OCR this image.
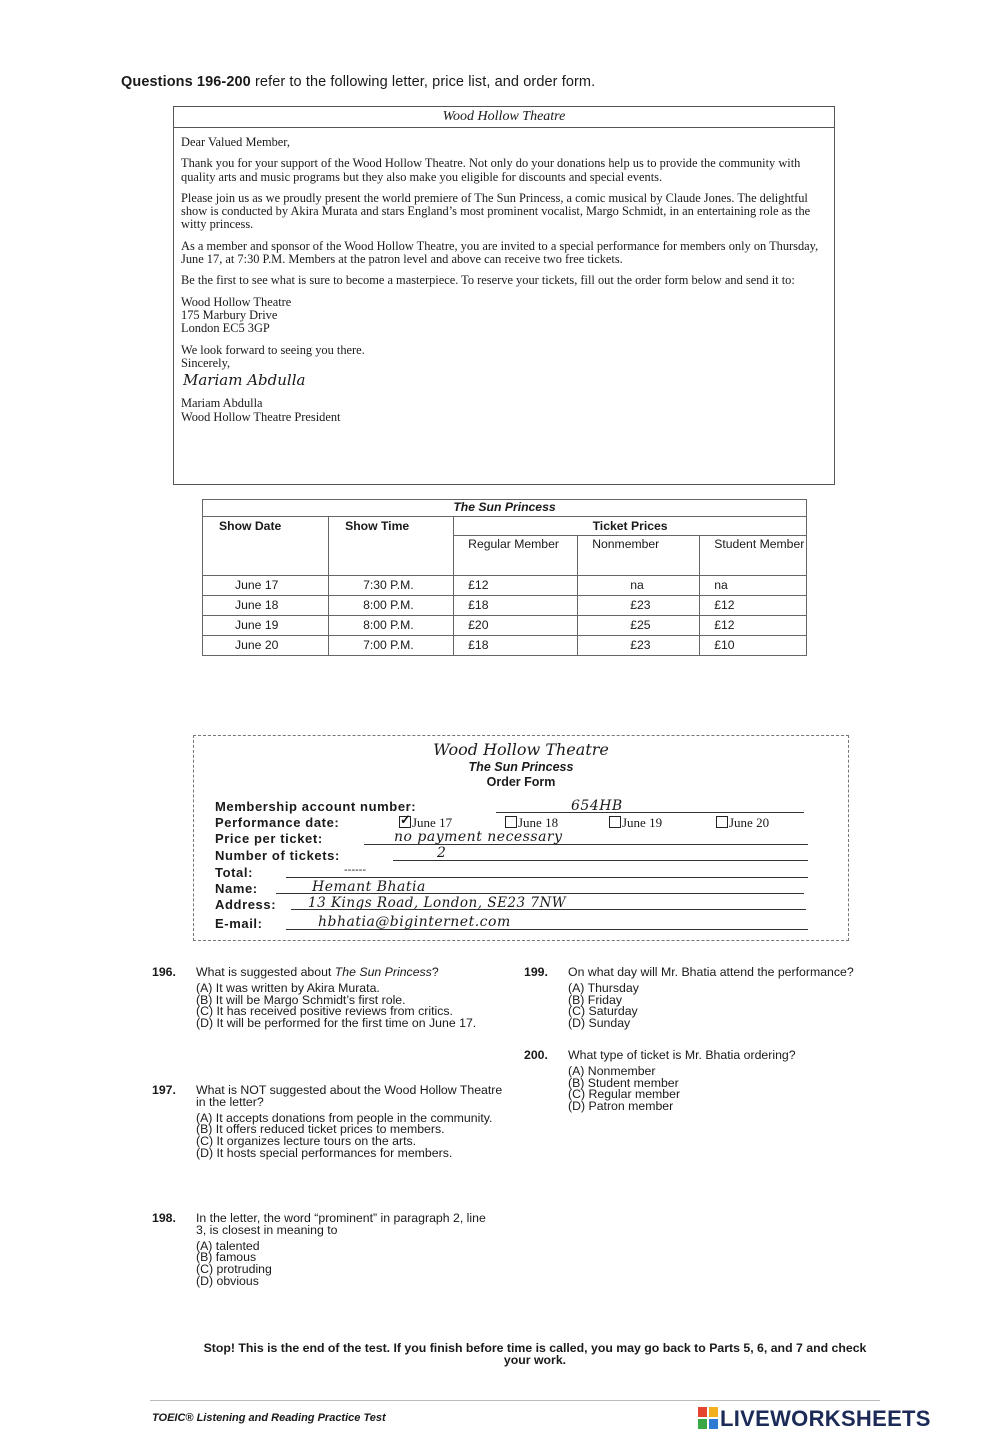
Questions 196-200 refer to the following letter, price list, and order form.
Wood Hollow Theatre

Dear Valued Member,

Thank you for your support of the Wood Hollow Theatre. Not only do your donations help us to provide the community with quality arts and music programs but they also make you eligible for discounts and special events.

Please join us as we proudly present the world premiere of The Sun Princess, a comic musical by Claude Jones. The delightful show is conducted by Akira Murata and stars England’s most prominent vocalist, Margo Schmidt, in an entertaining role as the witty princess.

As a member and sponsor of the Wood Hollow Theatre, you are invited to a special performance for members only on Thursday, June 17, at 7:30 P.M. Members at the patron level and above can receive two free tickets.

Be the first to see what is sure to become a masterpiece. To reserve your tickets, fill out the order form below and send it to:

Wood Hollow Theatre
175 Marbury Drive
London EC5 3GP

We look forward to seeing you there.
Sincerely,

Mariam Abdulla
Mariam Abdulla
Wood Hollow Theatre President
The Sun Princess				
Show Date	Show Time	Ticket Prices		
		Regular Member	Nonmember	Student Member
June 17	7:30 P.M.	£12	na	na
June 18	8:00 P.M.	£18	£23	£12
June 19	8:00 P.M.	£20	£25	£12
June 20	7:00 P.M.	£18	£23	£10
Wood Hollow Theatre
The Sun Princess
Order Form
Membership account number:	654HB
Performance date: ✓	June 17	June 18	June 19	June 20
Price per ticket:	no payment necessary
Number of tickets:	2
Total:	------
Name:	Hemant Bhatia
Address: 13 Kings Road, London, SE23 7NW
E-mail:	hbhatia@biginternet.com
196. What is suggested about The Sun Princess?
(A) It was written by Akira Murata.
(B) It will be Margo Schmidt’s first role.
(C) It has received positive reviews from critics.
(D) It will be performed for the first time on June 17.
197. What is NOT suggested about the Wood Hollow Theatre in the letter?
(A) It accepts donations from people in the community.
(B) It offers reduced ticket prices to members.
(C) It organizes lecture tours on the arts.
(D) It hosts special performances for members.
198. In the letter, the word “prominent” in paragraph 2, line 3, is closest in meaning to
(A) talented
(B) famous
(C) protruding
(D) obvious
199. On what day will Mr. Bhatia attend the performance?
(A) Thursday
(B) Friday
(C) Saturday
(D) Sunday
200. What type of ticket is Mr. Bhatia ordering?
(A) Nonmember
(B) Student member
(C) Regular member
(D) Patron member
Stop! This is the end of the test. If you finish before time is called, you may go back to Parts 5, 6, and 7 and check your work.
TOEIC® Listening and Reading Practice Test	LIVEWORKSHEETS
